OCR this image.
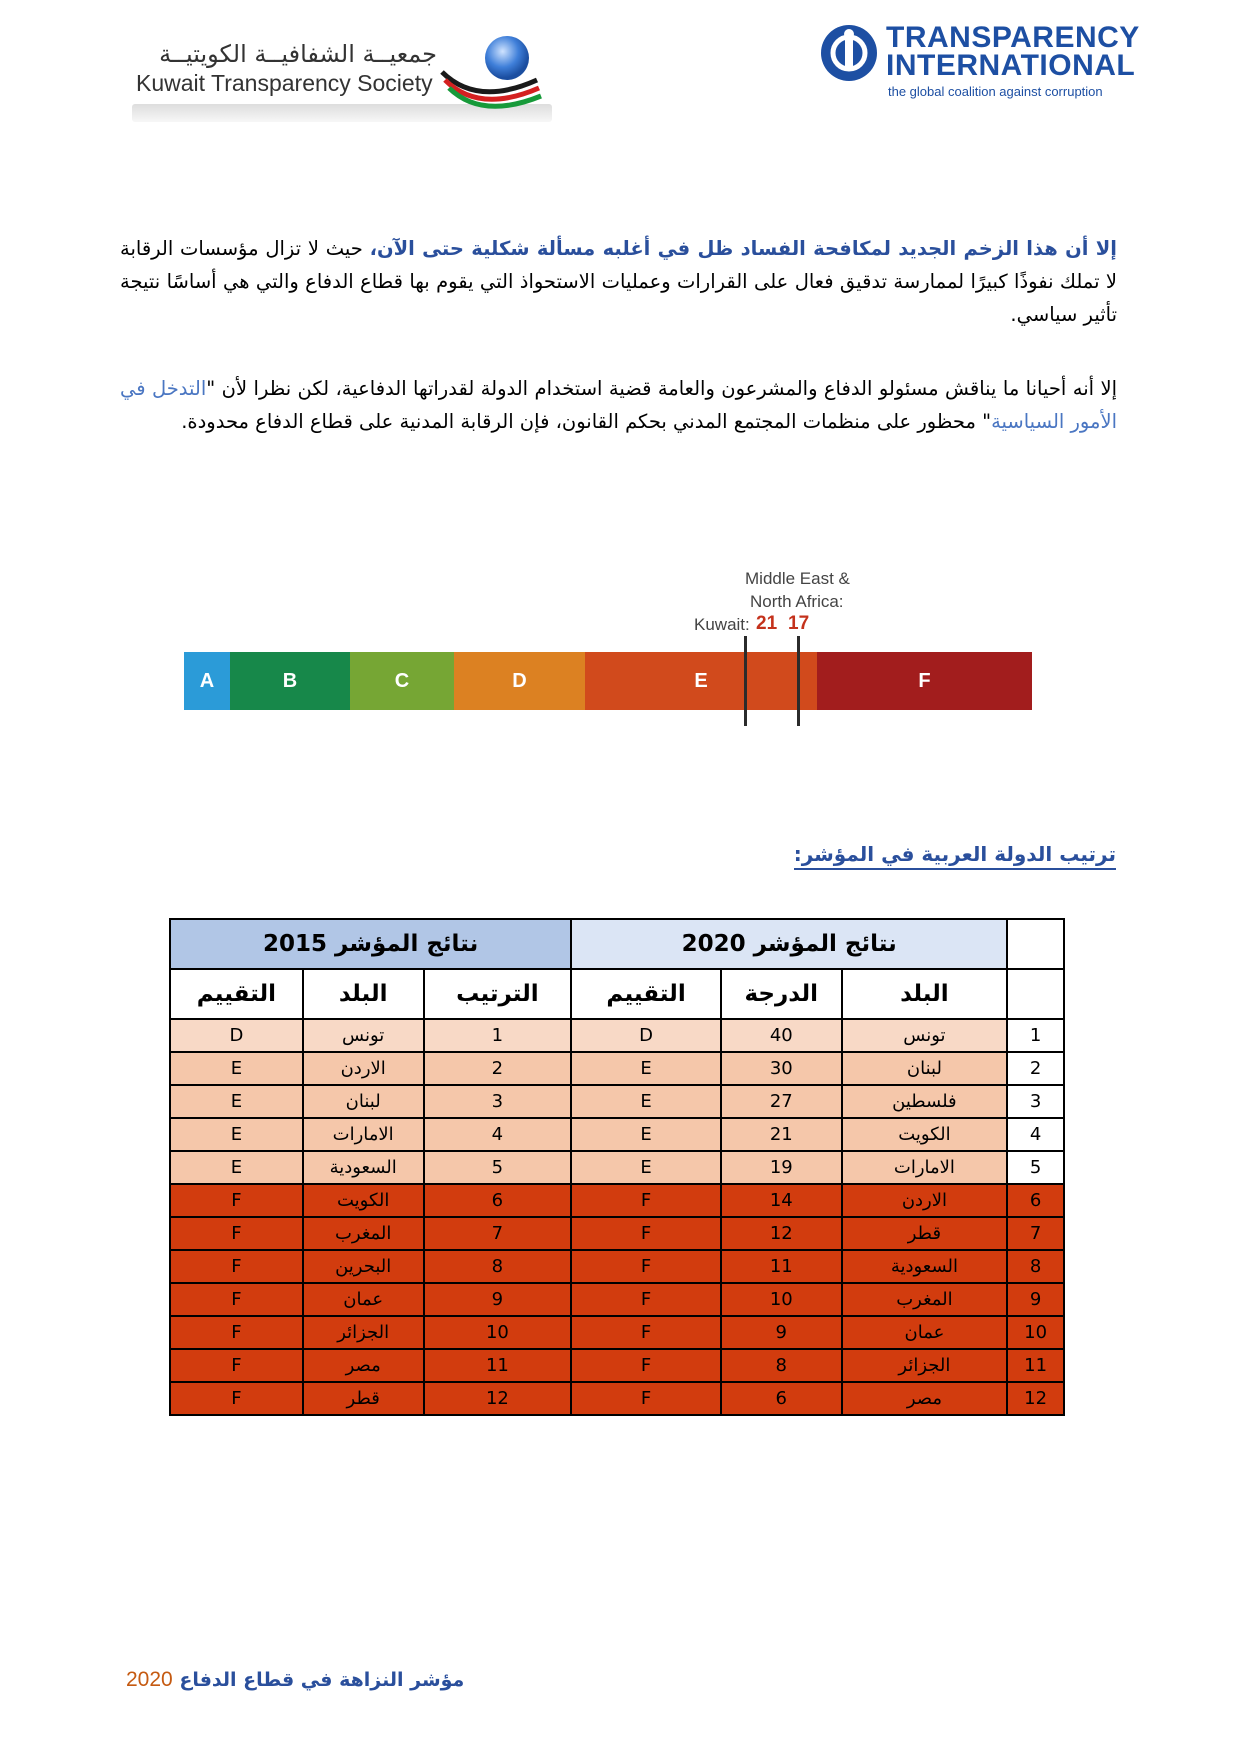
جمعيــة الشفافيــة الكويتيــة
Kuwait Transparency Society
TRANSPARENCY
INTERNATIONAL
the global coalition against corruption
إلا أن هذا الزخم الجديد لمكافحة الفساد ظل في أغلبه مسألة شكلية حتى الآن، حيث لا تزال مؤسسات الرقابة لا تملك نفوذًا كبيرًا لممارسة تدقيق فعال على القرارات وعمليات الاستحواذ التي يقوم بها قطاع الدفاع والتي هي أساسًا نتيجة تأثير سياسي.
إلا أنه أحيانا ما يناقش مسئولو الدفاع والمشرعون والعامة قضية استخدام الدولة لقدراتها الدفاعية، لكن نظرا لأن "التدخل في الأمور السياسية" محظور على منظمات المجتمع المدني بحكم القانون، فإن الرقابة المدنية على قطاع الدفاع محدودة.
A	B	C	D	E	F
Middle East &
North Africa:
Kuwait: 21 17
ترتيب الدولة العربية في المؤشر:
	نتائج المؤشر 2020			نتائج المؤشر 2015		
	البلد	الدرجة	التقييم	الترتيب	البلد	التقييم
1	تونس	40	D	1	تونس	D
2	لبنان	30	E	2	الاردن	E
3	فلسطين	27	E	3	لبنان	E
4	الكويت	21	E	4	الامارات	E
5	الامارات	19	E	5	السعودية	E
6	الاردن	14	F	6	الكويت	F
7	قطر	12	F	7	المغرب	F
8	السعودية	11	F	8	البحرين	F
9	المغرب	10	F	9	عمان	F
10	عمان	9	F	10	الجزائر	F
11	الجزائر	8	F	11	مصر	F
12	مصر	6	F	12	قطر	F
2020 مؤشر النزاهة في قطاع الدفاع
